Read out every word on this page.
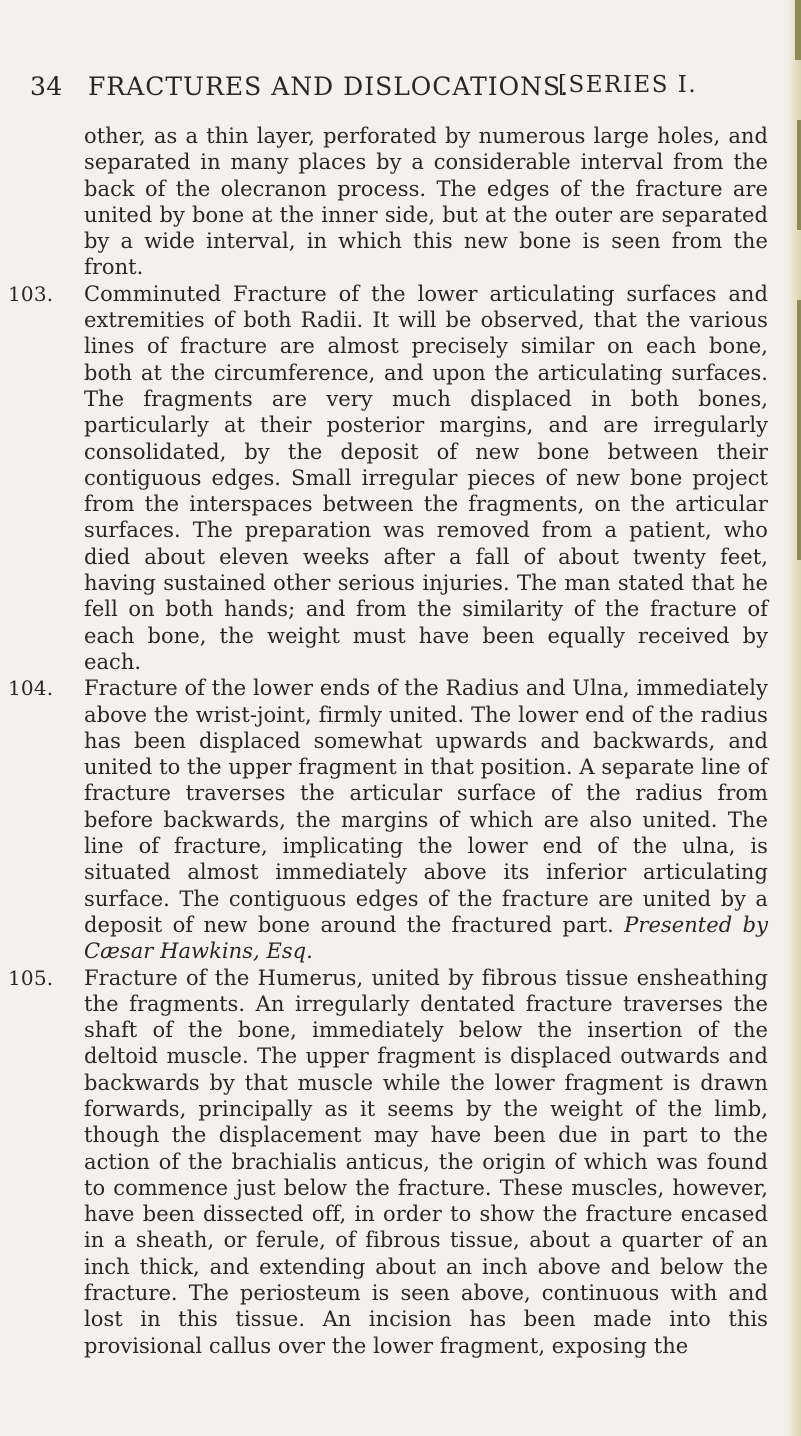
34 FRACTURES AND DISLOCATIONS.
[SERIES I.

other, as a thin layer, perforated by numerous large holes, and separated in many places by a considerable interval from the back of the olecranon process. The edges of the fracture are united by bone at the inner side, but at the outer are separated by a wide interval, in which this new bone is seen from the front.

103. Comminuted Fracture of the lower articulating surfaces and extremities of both Radii. It will be observed, that the various lines of fracture are almost precisely similar on each bone, both at the circumference, and upon the articulating surfaces. The fragments are very much displaced in both bones, particularly at their posterior margins, and are irregularly consolidated, by the deposit of new bone between their contiguous edges. Small irregular pieces of new bone project from the interspaces between the fragments, on the articular surfaces. The preparation was removed from a patient, who died about eleven weeks after a fall of about twenty feet, having sustained other serious injuries. The man stated that he fell on both hands; and from the similarity of the fracture of each bone, the weight must have been equally received by each.

104. Fracture of the lower ends of the Radius and Ulna, immediately above the wrist-joint, firmly united. The lower end of the radius has been displaced somewhat upwards and backwards, and united to the upper fragment in that position. A separate line of fracture traverses the articular surface of the radius from before backwards, the margins of which are also united. The line of fracture, implicating the lower end of the ulna, is situated almost immediately above its inferior articulating surface. The contiguous edges of the fracture are united by a deposit of new bone around the fractured part. Presented by Cæsar Hawkins, Esq.

105. Fracture of the Humerus, united by fibrous tissue ensheathing the fragments. An irregularly dentated fracture traverses the shaft of the bone, immediately below the insertion of the deltoid muscle. The upper fragment is displaced outwards and backwards by that muscle while the lower fragment is drawn forwards, principally as it seems by the weight of the limb, though the displacement may have been due in part to the action of the brachialis anticus, the origin of which was found to commence just below the fracture. These muscles, however, have been dissected off, in order to show the fracture encased in a sheath, or ferule, of fibrous tissue, about a quarter of an inch thick, and extending about an inch above and below the fracture. The periosteum is seen above, continuous with and lost in this tissue. An incision has been made into this provisional callus over the lower fragment, exposing the
